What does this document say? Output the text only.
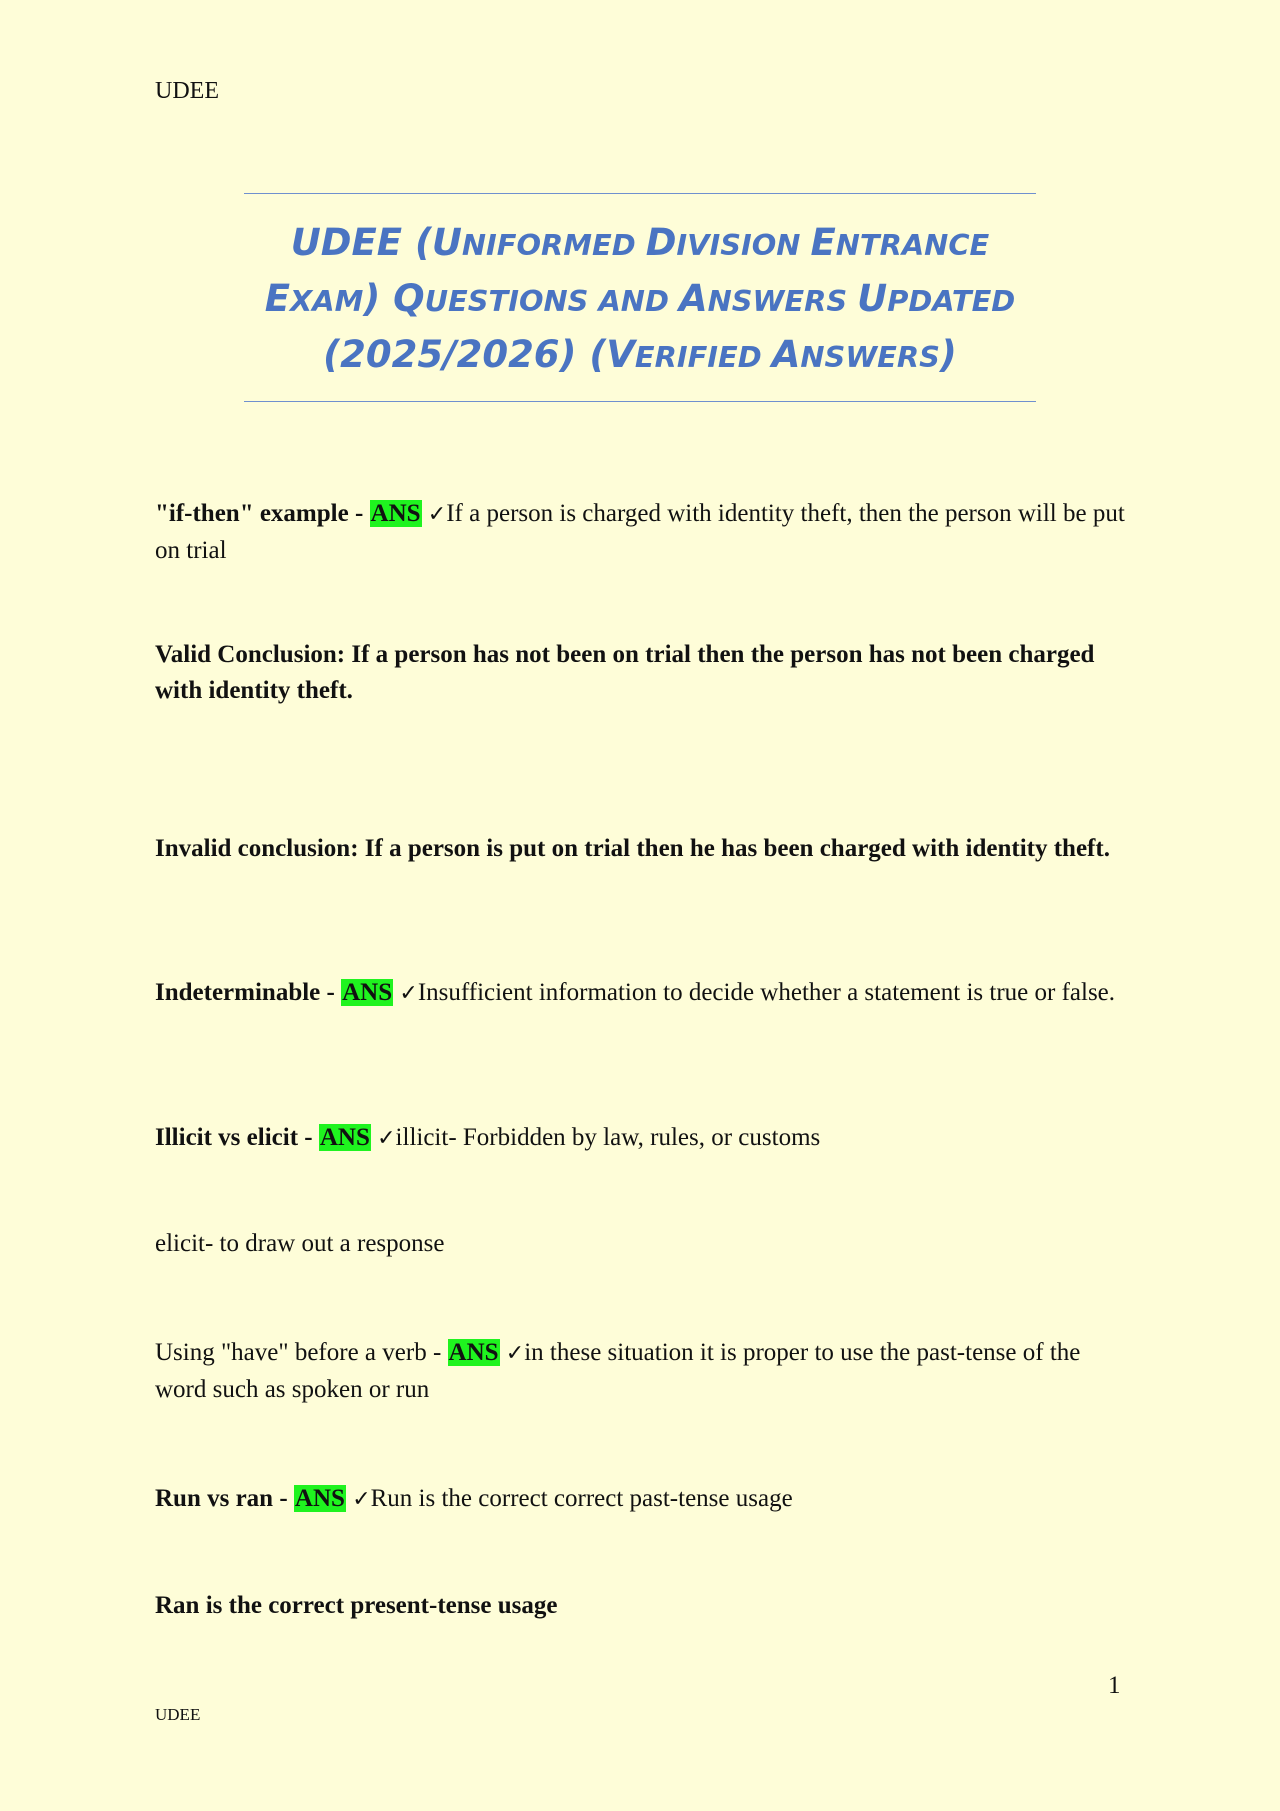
UDEE
UDEE (UNIFORMED DIVISION ENTRANCE
EXAM) QUESTIONS AND ANSWERS UPDATED
(2025/2026) (VERIFIED ANSWERS)
"if-then" example - ANS ✓If a person is charged with identity theft, then the person will be put on trial
Valid Conclusion: If a person has not been on trial then the person has not been charged with identity theft.
Invalid conclusion: If a person is put on trial then he has been charged with identity theft.
Indeterminable - ANS ✓Insufficient information to decide whether a statement is true or false.
Illicit vs elicit - ANS ✓illicit- Forbidden by law, rules, or customs
elicit- to draw out a response
Using "have" before a verb - ANS ✓in these situation it is proper to use the past-tense of the word such as spoken or run
Run vs ran - ANS ✓Run is the correct correct past-tense usage
Ran is the correct present-tense usage
1
UDEE
